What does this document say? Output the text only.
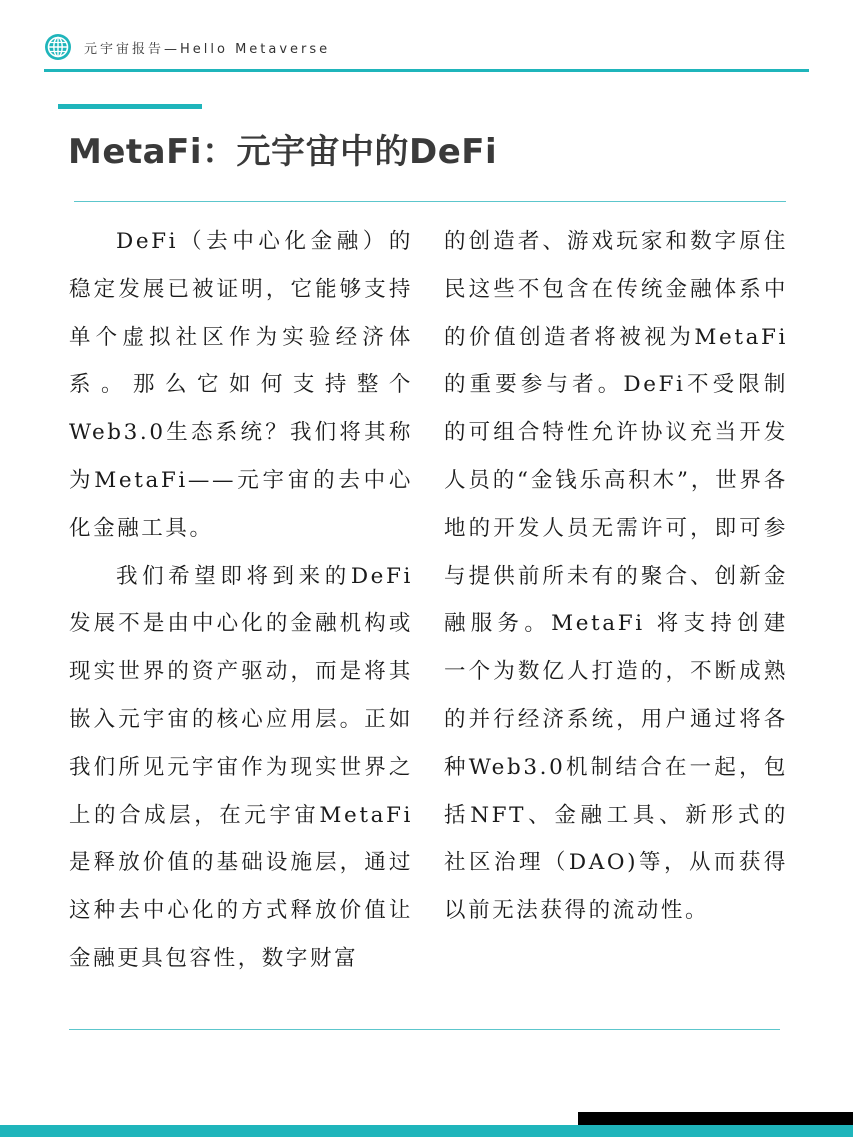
元宇宙报告—Hello Metaverse
MetaFi：元宇宙中的DeFi

DeFi（去中心化金融）的稳定发展已被证明，它能够支持单个虚拟社区作为实验经济体系。那么它如何支持整个Web3.0生态系统？我们将其称为MetaFi——元宇宙的去中心化金融工具。

我们希望即将到来的DeFi发展不是由中心化的金融机构或现实世界的资产驱动，而是将其嵌入元宇宙的核心应用层。正如我们所见元宇宙作为现实世界之上的合成层，在元宇宙MetaFi是释放价值的基础设施层，通过这种去中心化的方式释放价值让金融更具包容性，数字财富

的创造者、游戏玩家和数字原住民这些不包含在传统金融体系中的价值创造者将被视为MetaFi的重要参与者。DeFi不受限制的可组合特性允许协议充当开发人员的“金钱乐高积木”，世界各地的开发人员无需许可，即可参与提供前所未有的聚合、创新金融服务。MetaFi 将支持创建一个为数亿人打造的，不断成熟的并行经济系统，用户通过将各种Web3.0机制结合在一起，包括NFT、金融工具、新形式的社区治理（DAO)等，从而获得以前无法获得的流动性。
